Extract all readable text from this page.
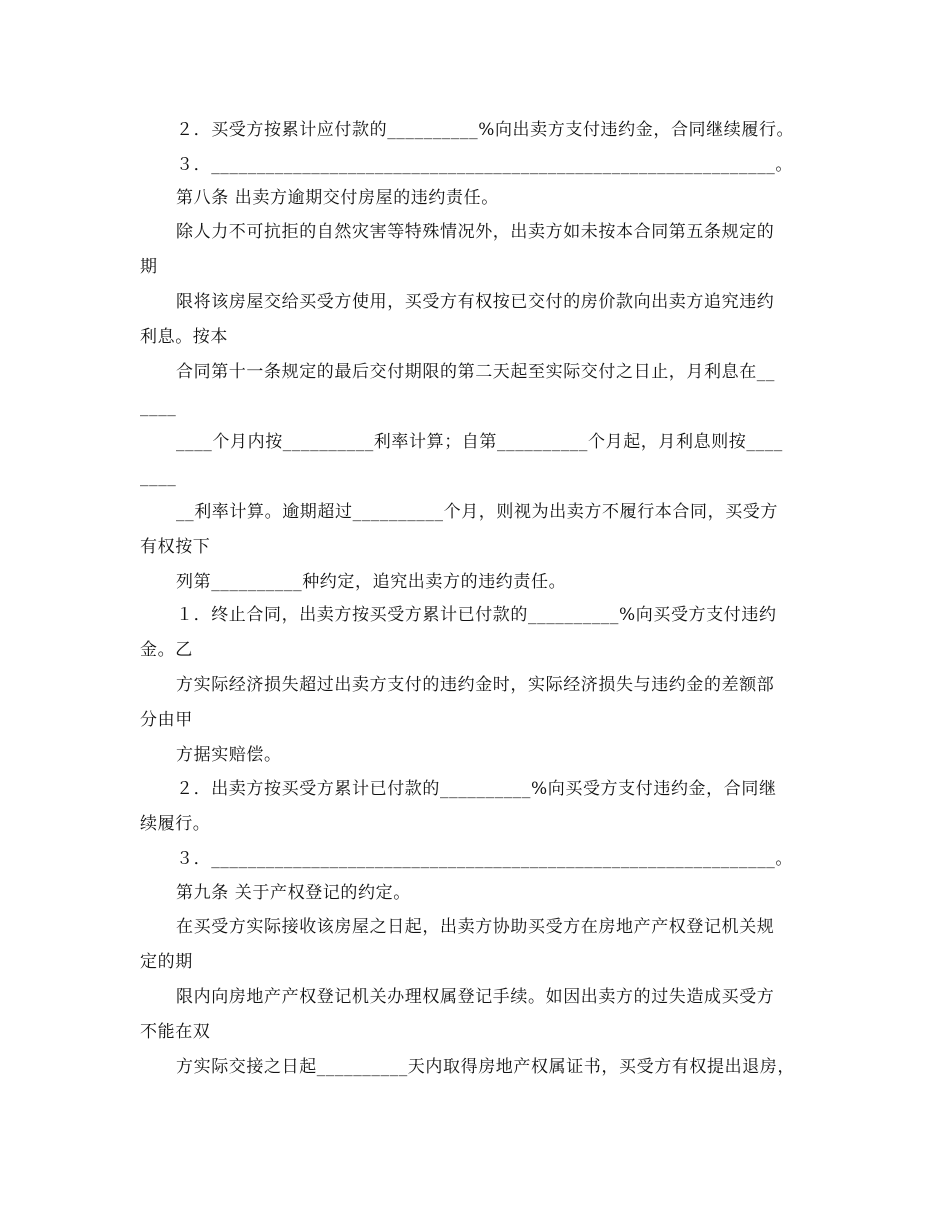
２．买受方按累计应付款的__________%向出卖方支付违约金，合同继续履行。
３．______________________________________________________________。
第八条 出卖方逾期交付房屋的违约责任。
除人力不可抗拒的自然灾害等特殊情况外，出卖方如未按本合同第五条规定的
期
限将该房屋交给买受方使用，买受方有权按已交付的房价款向出卖方追究违约
利息。按本
合同第十一条规定的最后交付期限的第二天起至实际交付之日止，月利息在__
____
____个月内按__________利率计算；自第__________个月起，月利息则按____
____
__利率计算。逾期超过__________个月，则视为出卖方不履行本合同，买受方
有权按下
列第__________种约定，追究出卖方的违约责任。
１．终止合同，出卖方按买受方累计已付款的__________%向买受方支付违约
金。乙
方实际经济损失超过出卖方支付的违约金时，实际经济损失与违约金的差额部
分由甲
方据实赔偿。
２．出卖方按买受方累计已付款的__________%向买受方支付违约金，合同继
续履行。
３．______________________________________________________________。
第九条 关于产权登记的约定。
在买受方实际接收该房屋之日起，出卖方协助买受方在房地产产权登记机关规
定的期
限内向房地产产权登记机关办理权属登记手续。如因出卖方的过失造成买受方
不能在双
方实际交接之日起__________天内取得房地产权属证书，买受方有权提出退房，
